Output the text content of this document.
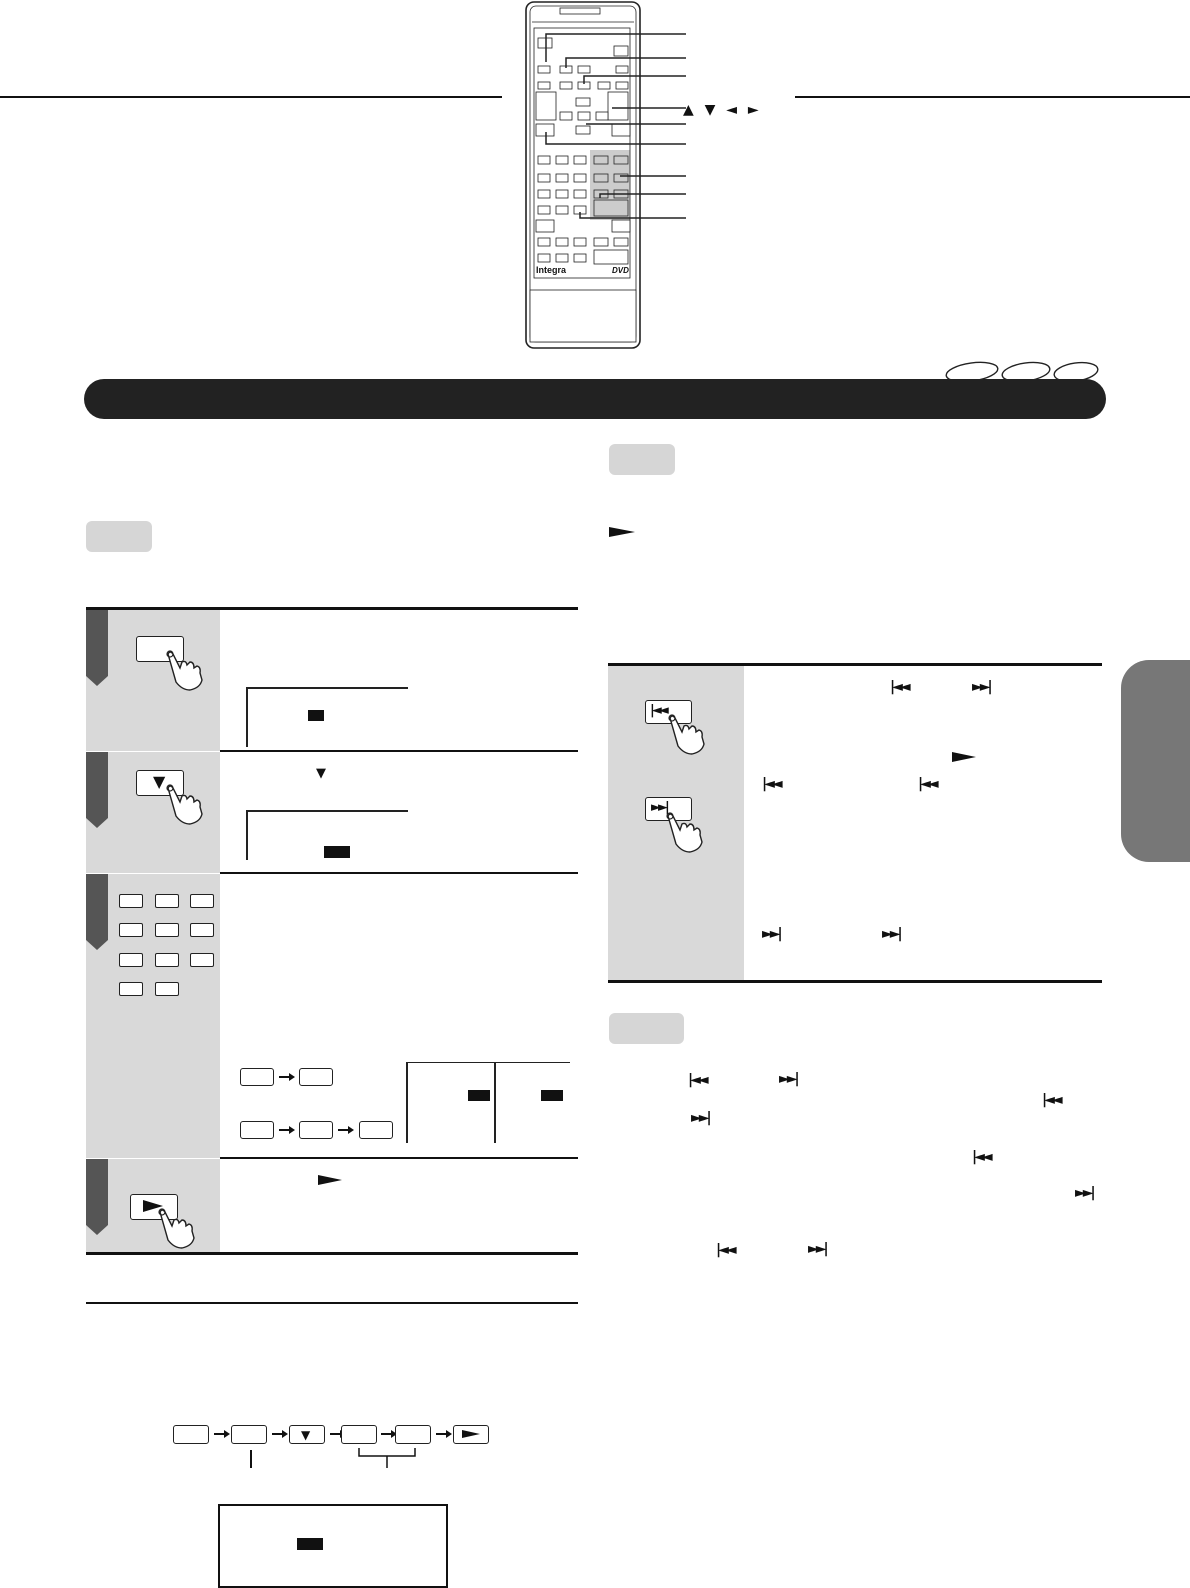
Integra	DVD
▲ ▼ ◄ ►
▼	▼
▼
|◄◄
►►|
|◄◄	►►|
|◄◄	|◄◄
►►|	►►|
|◄◄	►►|
|◄◄
►►|
|◄◄
►►|
|◄◄	►►|
